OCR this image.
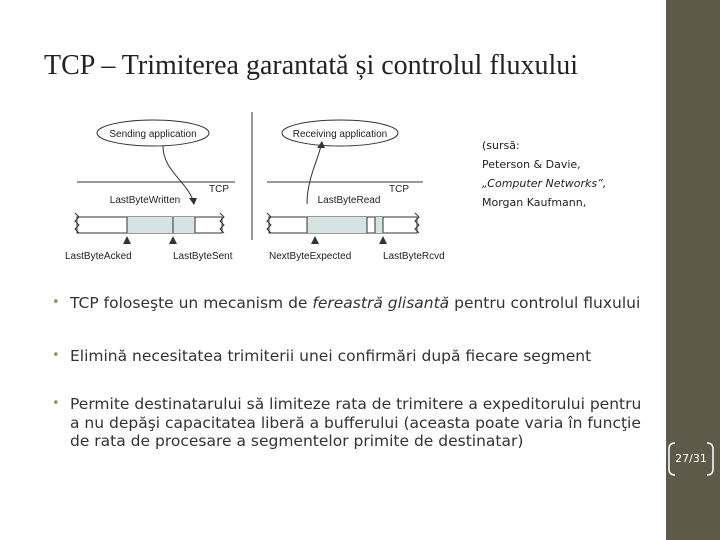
TCP – Trimiterea garantată și controlul fluxului
Sending application
TCP
LastByteWritten
LastByteAcked	LastByteSent
Receiving application
TCP
LastByteRead
NextByteExpected	LastByteRcvd
(sursă:
Peterson & Davie,
„Computer Networks”,
Morgan Kaufmann,
• TCP foloseşte un mecanism de fereastră glisantă pentru controlul fluxului
• Elimină necesitatea trimiterii unei confirmări după fiecare segment
• Permite destinatarului să limiteze rata de trimitere a expeditorului pentru a nu depăşi capacitatea liberă a bufferului (aceasta poate varia în funcţie de rata de procesare a segmentelor primite de destinatar)
27/31
